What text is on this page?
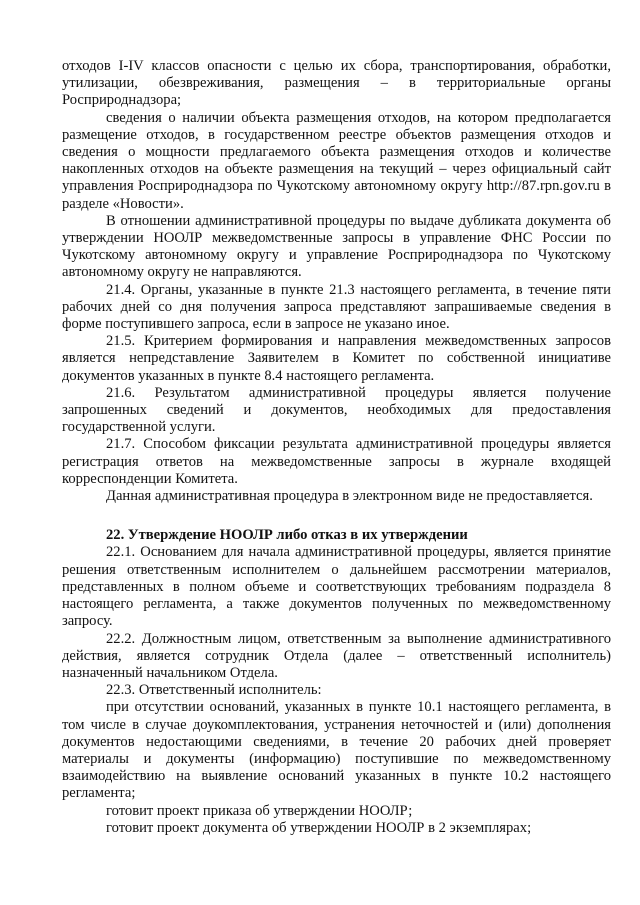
отходов I-IV классов опасности с целью их сбора, транспортирования, обработки, утилизации, обезвреживания, размещения – в территориальные органы Росприроднадзора;

сведения о наличии объекта размещения отходов, на котором предполагается размещение отходов, в государственном реестре объектов размещения отходов и сведения о мощности предлагаемого объекта размещения отходов и количестве накопленных отходов на объекте размещения на текущий – через официальный сайт управления Росприроднадзора по Чукотскому автономному округу http://87.rpn.gov.ru в разделе «Новости».

В отношении административной процедуры по выдаче дубликата документа об утверждении НООЛР межведомственные запросы в управление ФНС России по Чукотскому автономному округу и управление Росприроднадзора по Чукотскому автономному округу не направляются.

21.4. Органы, указанные в пункте 21.3 настоящего регламента, в течение пяти рабочих дней со дня получения запроса представляют запрашиваемые сведения в форме поступившего запроса, если в запросе не указано иное.

21.5. Критерием формирования и направления межведомственных запросов является непредставление Заявителем в Комитет по собственной инициативе документов указанных в пункте 8.4 настоящего регламента.

21.6. Результатом административной процедуры является получение запрошенных сведений и документов, необходимых для предоставления государственной услуги.

21.7. Способом фиксации результата административной процедуры является регистрация ответов на межведомственные запросы в журнале входящей корреспонденции Комитета.

Данная административная процедура в электронном виде не предоставляется.

22. Утверждение НООЛР либо отказ в их утверждении

22.1. Основанием для начала административной процедуры, является принятие решения ответственным исполнителем о дальнейшем рассмотрении материалов, представленных в полном объеме и соответствующих требованиям подраздела 8 настоящего регламента, а также документов полученных по межведомственному запросу.

22.2. Должностным лицом, ответственным за выполнение административного действия, является сотрудник Отдела (далее – ответственный исполнитель) назначенный начальником Отдела.

22.3. Ответственный исполнитель:

при отсутствии оснований, указанных в пункте 10.1 настоящего регламента, в том числе в случае доукомплектования, устранения неточностей и (или) дополнения документов недостающими сведениями, в течение 20 рабочих дней проверяет материалы и документы (информацию) поступившие по межведомственному взаимодействию на выявление оснований указанных в пункте 10.2 настоящего регламента;

готовит проект приказа об утверждении НООЛР;

готовит проект документа об утверждении НООЛР в 2 экземплярах;
